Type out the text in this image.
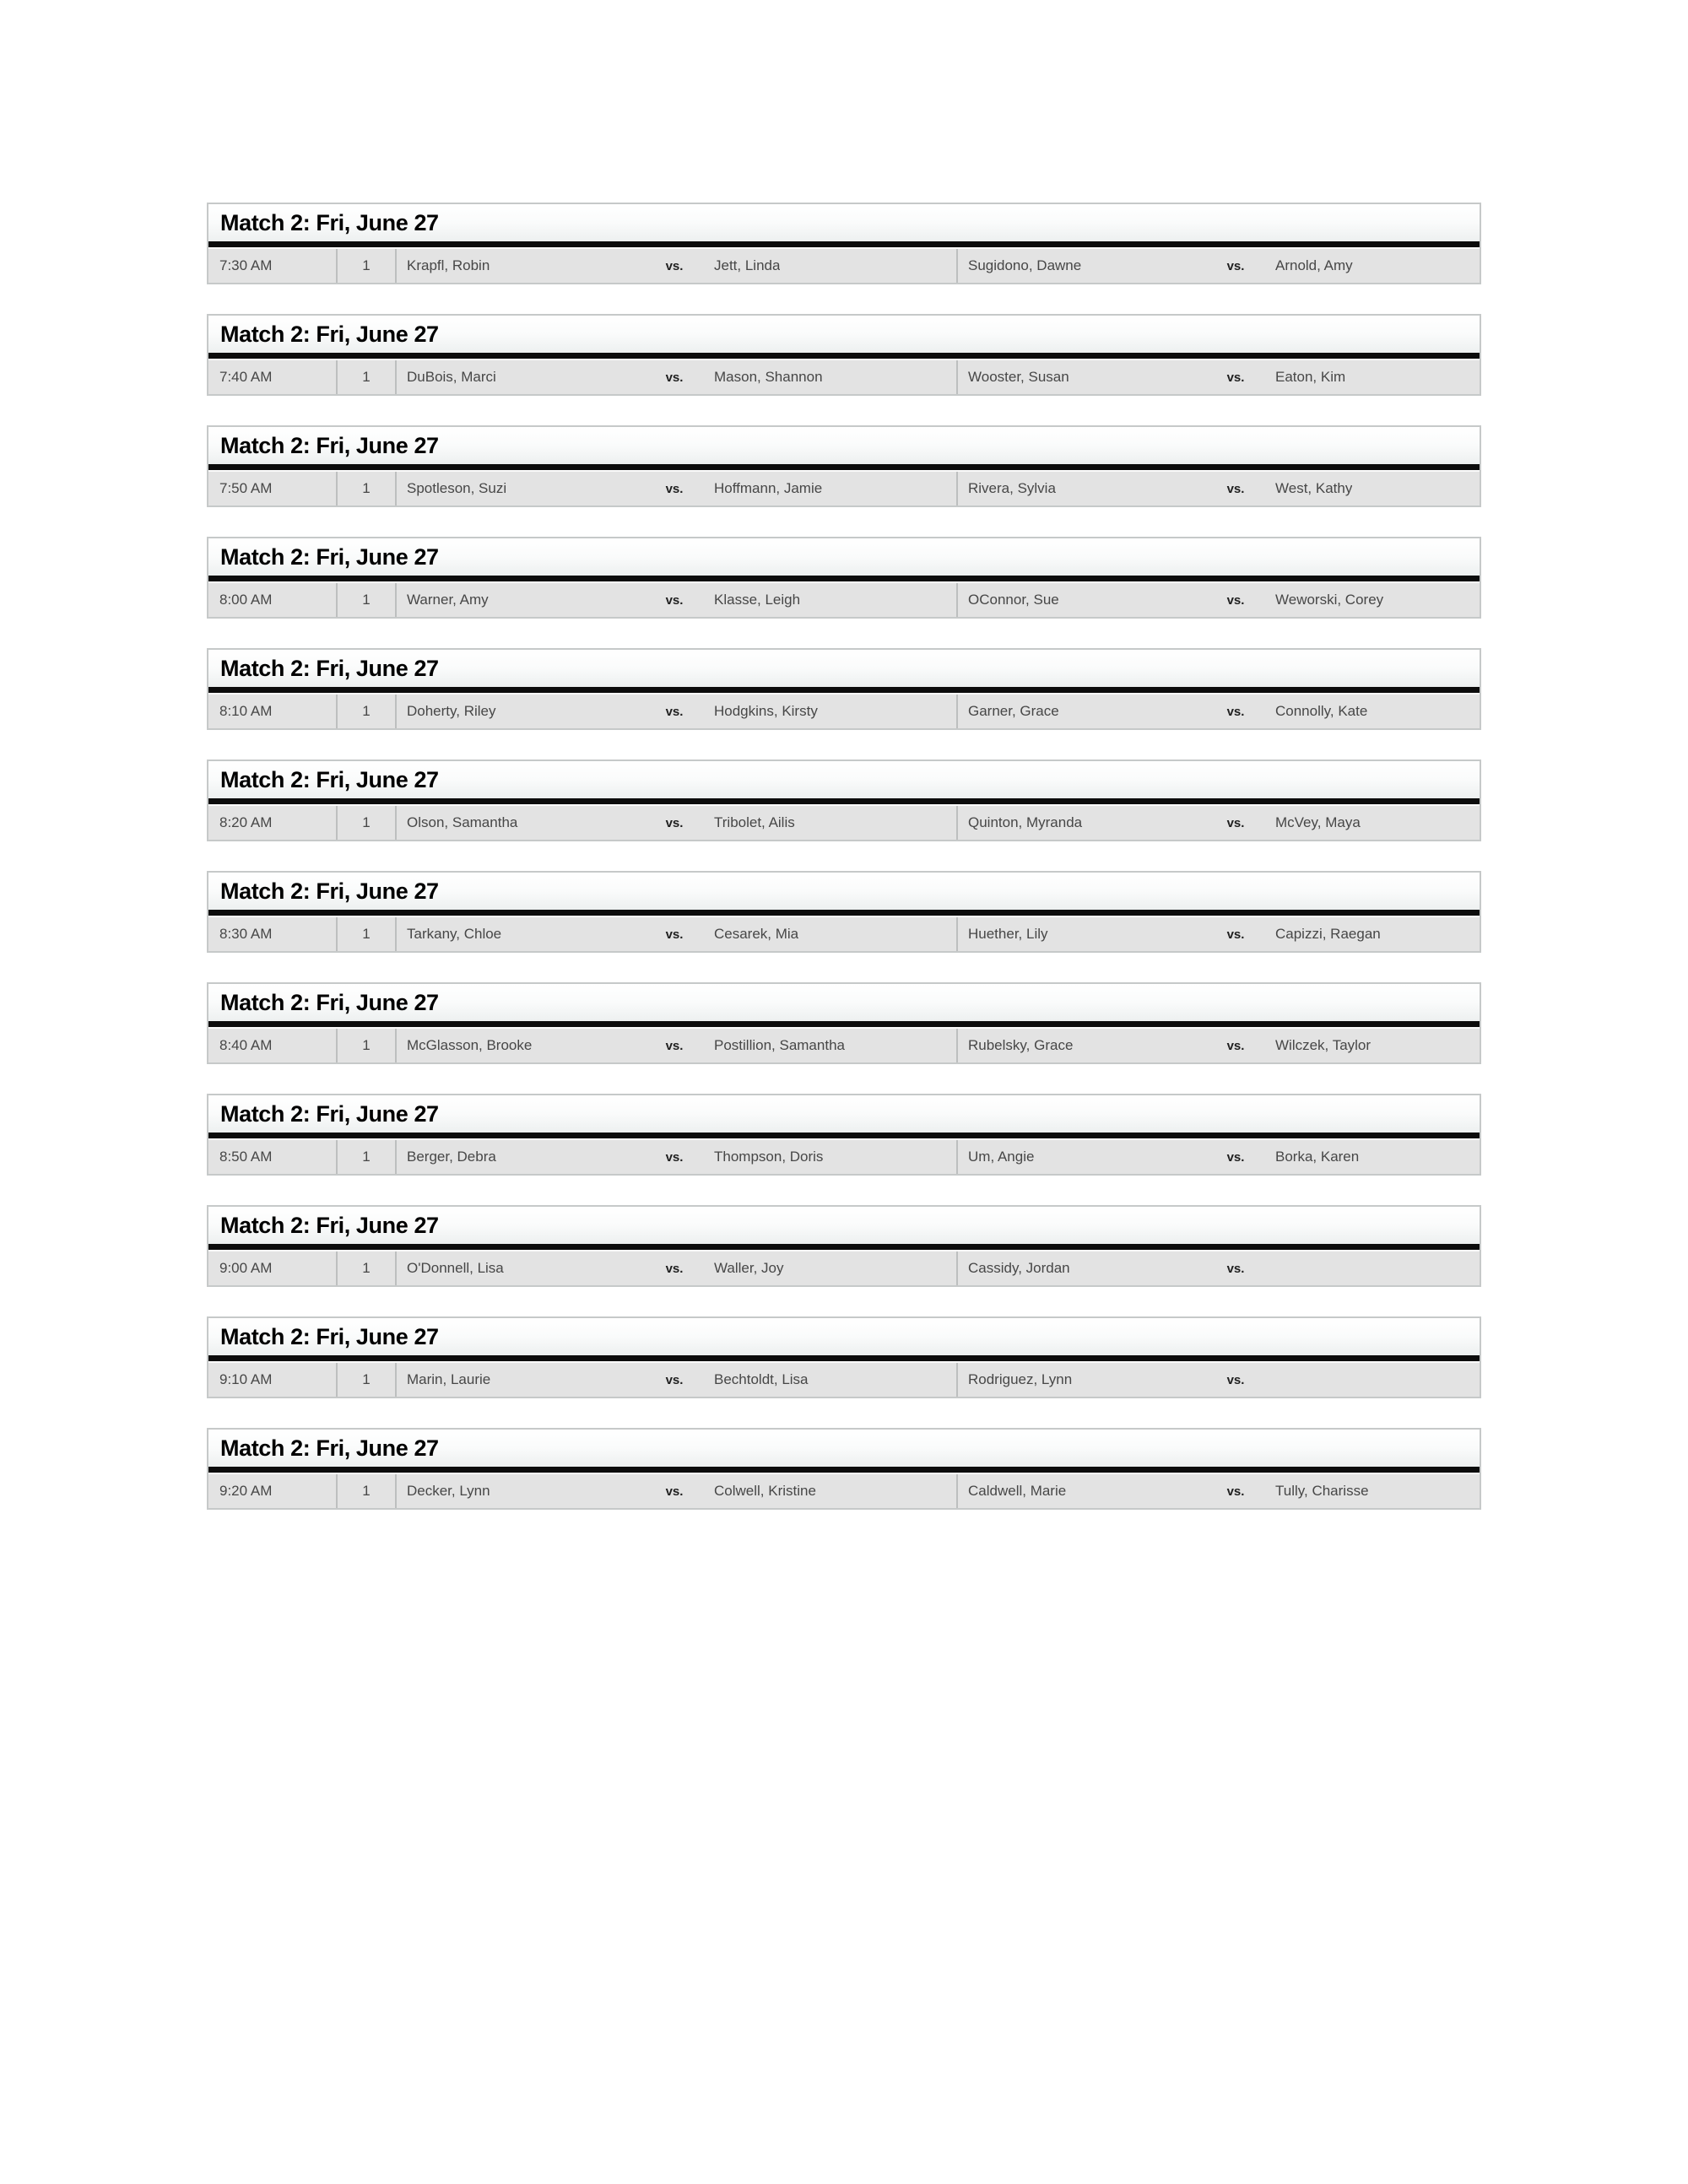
Match 2: Fri, June 27
7:30 AM	1	Krapfl, Robin	vs.	Jett, Linda	Sugidono, Dawne	vs.	Arnold, Amy
Match 2: Fri, June 27
7:40 AM	1	DuBois, Marci	vs.	Mason, Shannon	Wooster, Susan	vs.	Eaton, Kim
Match 2: Fri, June 27
7:50 AM	1	Spotleson, Suzi	vs.	Hoffmann, Jamie	Rivera, Sylvia	vs.	West, Kathy
Match 2: Fri, June 27
8:00 AM	1	Warner, Amy	vs.	Klasse, Leigh	OConnor, Sue	vs.	Weworski, Corey
Match 2: Fri, June 27
8:10 AM	1	Doherty, Riley	vs.	Hodgkins, Kirsty	Garner, Grace	vs.	Connolly, Kate
Match 2: Fri, June 27
8:20 AM	1	Olson, Samantha	vs.	Tribolet, Ailis	Quinton, Myranda	vs.	McVey, Maya
Match 2: Fri, June 27
8:30 AM	1	Tarkany, Chloe	vs.	Cesarek, Mia	Huether, Lily	vs.	Capizzi, Raegan
Match 2: Fri, June 27
8:40 AM	1	McGlasson, Brooke	vs.	Postillion, Samantha	Rubelsky, Grace	vs.	Wilczek, Taylor
Match 2: Fri, June 27
8:50 AM	1	Berger, Debra	vs.	Thompson, Doris	Um, Angie	vs.	Borka, Karen
Match 2: Fri, June 27
9:00 AM	1	O'Donnell, Lisa	vs.	Waller, Joy	Cassidy, Jordan	vs.
Match 2: Fri, June 27
9:10 AM	1	Marin, Laurie	vs.	Bechtoldt, Lisa	Rodriguez, Lynn	vs.
Match 2: Fri, June 27
9:20 AM	1	Decker, Lynn	vs.	Colwell, Kristine	Caldwell, Marie	vs.	Tully, Charisse
